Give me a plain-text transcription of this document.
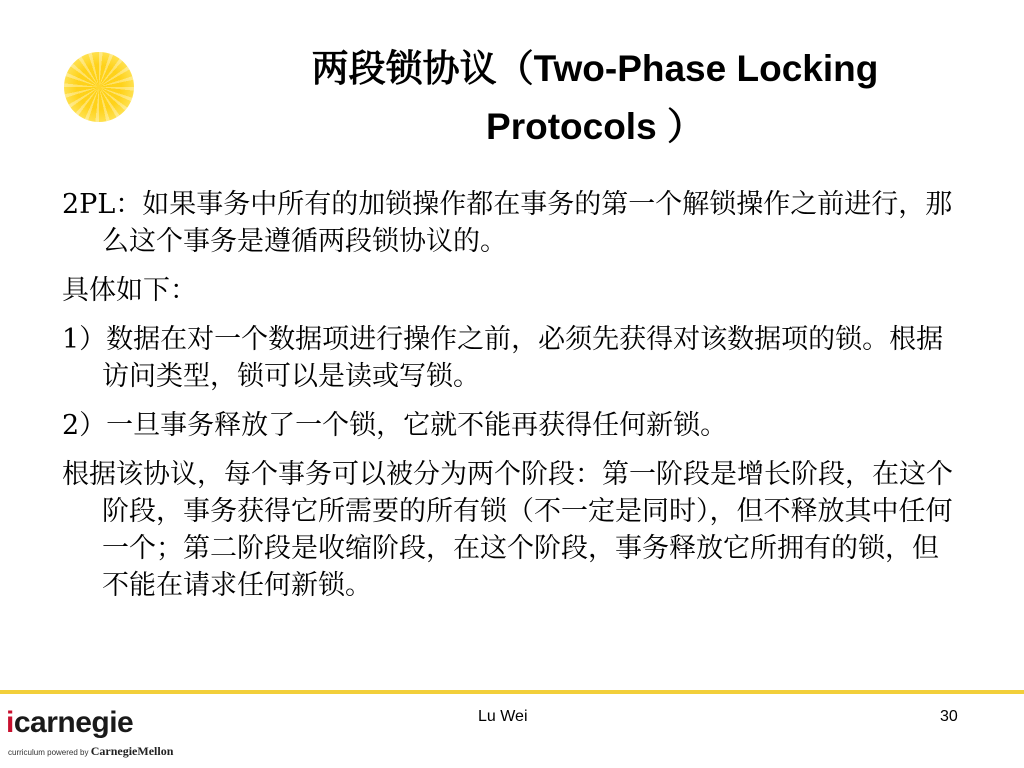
两段锁协议（Two-Phase Locking
Protocols ）

2PL：如果事务中所有的加锁操作都在事务的第一个解锁操作之前进行，那么这个事务是遵循两段锁协议的。

具体如下：

1）数据在对一个数据项进行操作之前，必须先获得对该数据项的锁。根据访问类型，锁可以是读或写锁。

2）一旦事务释放了一个锁，它就不能再获得任何新锁。

根据该协议，每个事务可以被分为两个阶段：第一阶段是增长阶段，在这个阶段，事务获得它所需要的所有锁（不一定是同时），但不释放其中任何一个；第二阶段是收缩阶段，在这个阶段，事务释放它所拥有的锁，但不能在请求任何新锁。

icarnegie
curriculum powered by CarnegieMellon
Lu Wei	30
